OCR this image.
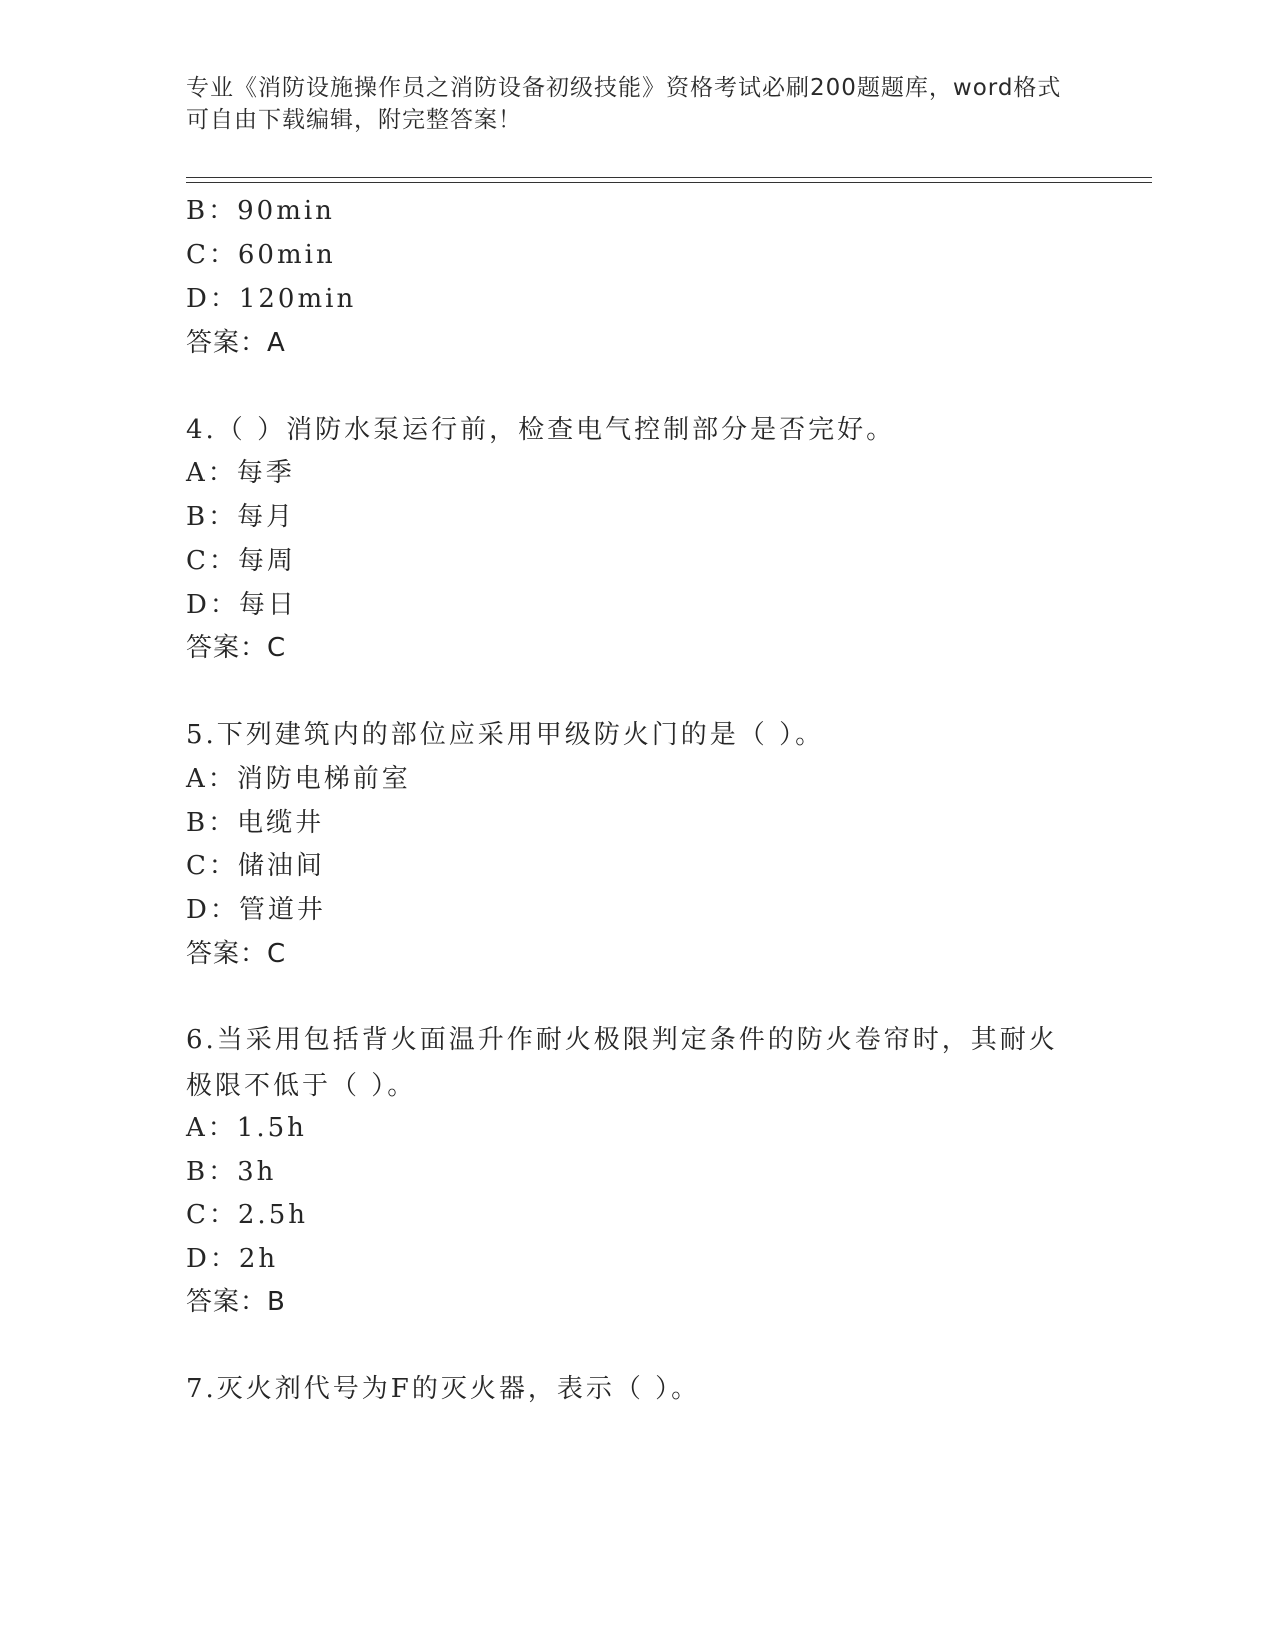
专业《消防设施操作员之消防设备初级技能》资格考试必刷200题题库，word格式可自由下载编辑，附完整答案！
B：90min
C：60min
D：120min
答案：A
4.（ ）消防水泵运行前，检查电气控制部分是否完好。
A：每季
B：每月
C：每周
D：每日
答案：C
5.下列建筑内的部位应采用甲级防火门的是（ ）。
A：消防电梯前室
B：电缆井
C：储油间
D：管道井
答案：C
6.当采用包括背火面温升作耐火极限判定条件的防火卷帘时，其耐火极限不低于（ ）。
A：1.5h
B：3h
C：2.5h
D：2h
答案：B
7.灭火剂代号为F的灭火器，表示（ ）。
